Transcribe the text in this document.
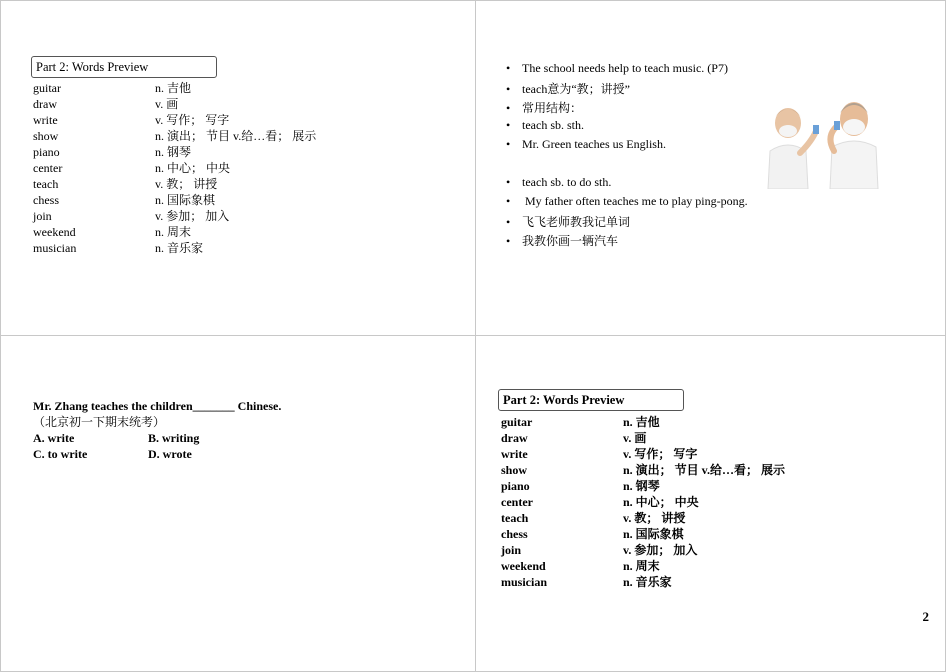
Part 2: Words Preview
guitar	n. 吉他
draw	v. 画
write	v. 写作； 写字
show	n. 演出； 节目 v.给…看； 展示
piano	n. 钢琴
center	n. 中心； 中央
teach	v. 教； 讲授
chess	n. 国际象棋
join	v. 参加； 加入
weekend	n. 周末
musician	n. 音乐家
• The school needs help to teach music. (P7)
• teach意为“教；讲授”
• 常用结构：
• teach sb. sth.
• Mr. Green teaches us English.
• teach sb. to do sth.
• My father often teaches me to play ping-pong.
• 飞飞老师教我记单词
• 我教你画一辆汽车
Mr. Zhang teaches the children_______ Chinese.
（北京初一下期末统考）
A. write	B. writing
C. to write	D. wrote
Part 2: Words Preview
guitar	n. 吉他
draw	v. 画
write	v. 写作； 写字
show	n. 演出； 节目 v.给…看； 展示
piano	n. 钢琴
center	n. 中心； 中央
teach	v. 教； 讲授
chess	n. 国际象棋
join	v. 参加； 加入
weekend	n. 周末
musician	n. 音乐家
2
